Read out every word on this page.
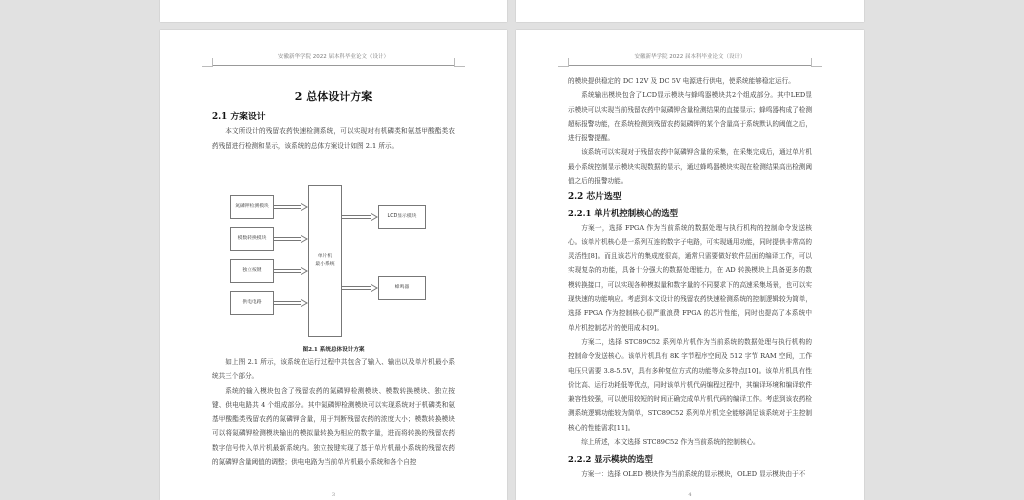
安徽新华学院 2022 届本科毕业论文（设计）
2 总体设计方案

2.1 方案设计

本文所设计的残留农药快速检测系统，可以实现对有机磷类和氨基甲酸酯类农药残留进行检测和显示，该系统的总体方案设计如图 2.1 所示。

氮磷钾检测模块
模数转换模块
独立按键
供电电路
单片机
最小系统
LCD显示模块
蜂鸣器
图2.1 系统总体设计方案

如上图 2.1 所示，该系统在运行过程中共包含了输入、输出以及单片机最小系统共三个部分。

系统的输入模块包含了残留农药的氮磷钾检测模块、模数转换模块、独立按键、供电电路共 4 个组成部分。其中氮磷钾检测模块可以实现系统对于机磷类和氨基甲酸酯类残留农药的氮磷钾含量，用于判断残留农药的浓度大小；模数转换模块可以将氮磷钾检测模块输出的模拟量转换为相应的数字量，进而将转换的残留农药数字信号传入单片机最新系统内。独立按键实现了基于单片机最小系统的残留农药的氮磷钾含量阈值的调整；供电电路为当前单片机最小系统和各个自控

3
安徽新华学院 2022 届本科毕业论文（设计）

的模块提供稳定的 DC 12V 及 DC 5V 电源进行供电，使系统能够稳定运行。

系统输出模块包含了LCD显示模块与蜂鸣器模块共2个组成部分。其中LED显示模块可以实现当前残留农药中氮磷钾含量检测结果的直接显示；蜂鸣器构成了检测超标报警功能，在系统检测到残留农药氮磷钾的某个含量高于系统默认的阈值之后，进行报警提醒。

该系统可以实现对于残留农药中氮磷钾含量的采集，在采集完成后，通过单片机最小系统控制显示模块实现数据的显示，通过蜂鸣器模块实现在检测结果高出检测阈值之后的报警功能。

2.2 芯片选型

2.2.1 单片机控制核心的选型

方案一，选择 FPGA 作为当前系统的数据处理与执行机构的控制命令发送核心。该单片机核心是一系列互连的数字子电路，可实现通用功能，同时提供非常高的灵活性[8]。而且该芯片的集成度很高，通常只需要做好软件层面的编译工作，可以实现复杂的功能，具备十分强大的数据处理能力，在 AD 转换模块上具备更多的数模转换接口，可以实现各种模拟量和数字量的不同要求下的高速采集场景，也可以实现快速的功能响应。考虑到本文设计的残留农药快速检测系统的控制逻辑较为简单，选择 FPGA 作为控制核心很严重浪费 FPGA 的芯片性能，同时也提高了本系统中单片机控制芯片的使用成本[9]。

方案二，选择 STC89C52 系列单片机作为当前系统的数据处理与执行机构的控制命令发送核心。该单片机具有 8K 字节程序空间及 512 字节 RAM 空间，工作电压只需要 3.8-5.5V，具有多种复位方式的功能等众多特点[10]。该单片机具有性价比高、运行功耗低等优点，同时该单片机代码编程过程中，其编译环境和编译软件兼容性较强，可以使用较短的时间正确完成单片机代码的编译工作。考虑到该农药检测系统逻辑功能较为简单，STC89C52 系列单片机完全能够满足该系统对于主控制核心的性能需求[11]。

综上所述，本文选择 STC89C52 作为当前系统的控制核心。

2.2.2 显示模块的选型

方案一：选择 OLED 模块作为当前系统的显示模块，OLED 显示模块由于不

4
